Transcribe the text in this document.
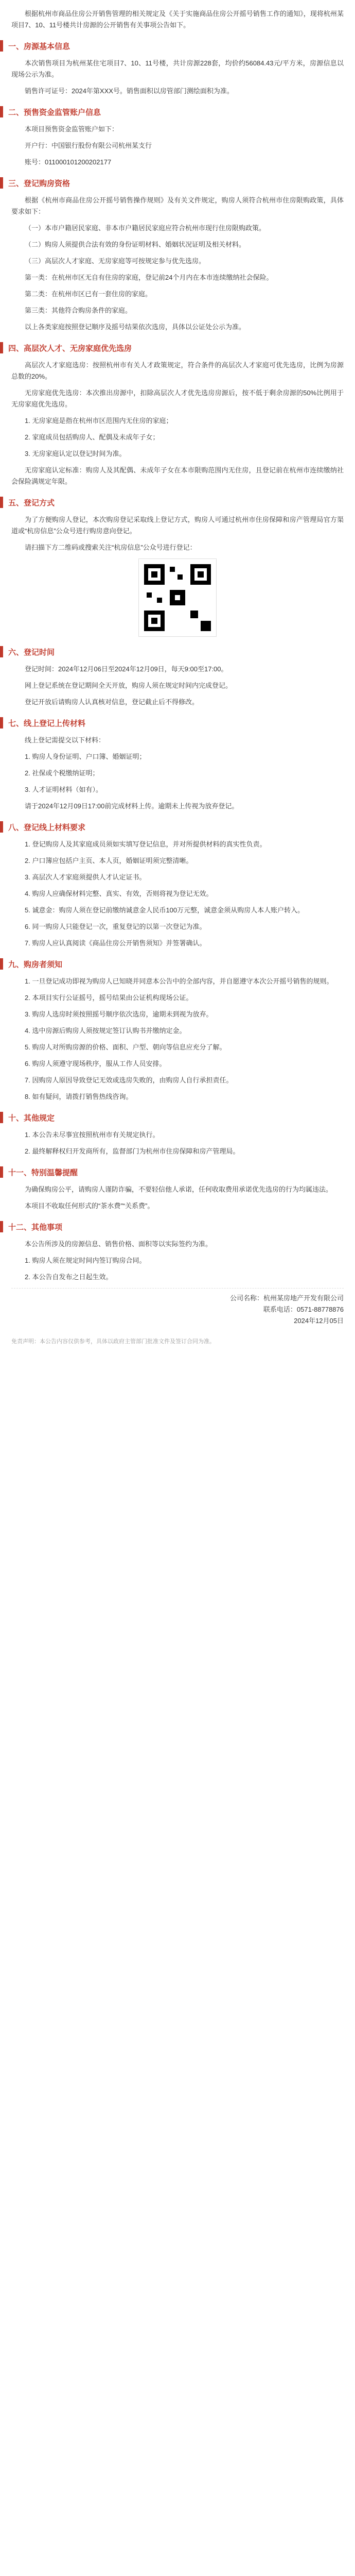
根据杭州市商品住房公开销售管理的相关规定及《关于实施商品住房公开摇号销售工作的通知》，现将杭州某项目7、10、11号楼共计房源的公开销售有关事项公告如下。

一、房源基本信息

本次销售项目为杭州某住宅项目7、10、11号楼，共计房源228套，均价约56084.43元/平方米，房源信息以现场公示为准。

销售许可证号：2024年第XXX号。销售面积以房管部门测绘面积为准。

二、预售资金监管账户信息

本项目预售资金监管账户如下：

开户行：中国银行股份有限公司杭州某支行

账号：011000101200202177

三、登记购房资格

根据《杭州市商品住房公开摇号销售操作规则》及有关文件规定，购房人须符合杭州市住房限购政策，具体要求如下：

（一）本市户籍居民家庭、非本市户籍居民家庭应符合杭州市现行住房限购政策。

（二）购房人须提供合法有效的身份证明材料、婚姻状况证明及相关材料。

（三）高层次人才家庭、无房家庭等可按规定参与优先选房。

第一类：在杭州市区无自有住房的家庭，登记前24个月内在本市连续缴纳社会保险。

第二类：在杭州市区已有一套住房的家庭。

第三类：其他符合购房条件的家庭。

以上各类家庭按照登记顺序及摇号结果依次选房，具体以公证处公示为准。

四、高层次人才、无房家庭优先选房

高层次人才家庭选房：按照杭州市有关人才政策规定，符合条件的高层次人才家庭可优先选房，比例为房源总数的20%。

无房家庭优先选房：本次推出房源中，扣除高层次人才优先选房房源后，按不低于剩余房源的50%比例用于无房家庭优先选房。

1. 无房家庭是指在杭州市区范围内无住房的家庭；

2. 家庭成员包括购房人、配偶及未成年子女；

3. 无房家庭认定以登记时间为准。

无房家庭认定标准：购房人及其配偶、未成年子女在本市限购范围内无住房，且登记前在杭州市连续缴纳社会保险满规定年限。

五、登记方式

为了方便购房人登记，本次购房登记采取线上登记方式，购房人可通过杭州市住房保障和房产管理局官方渠道或“杭房信息”公众号进行购房意向登记。

请扫描下方二维码或搜索关注“杭房信息”公众号进行登记：

六、登记时间

登记时间：2024年12月06日至2024年12月09日，每天9:00至17:00。

网上登记系统在登记期间全天开放，购房人须在规定时间内完成登记。

登记开放后请购房人认真核对信息，登记截止后不得修改。

七、线上登记上传材料

线上登记需提交以下材料：

1. 购房人身份证明、户口簿、婚姻证明；

2. 社保或个税缴纳证明；

3. 人才证明材料（如有）。

请于2024年12月09日17:00前完成材料上传。逾期未上传视为放弃登记。

八、登记线上材料要求

1. 登记购房人及其家庭成员须如实填写登记信息，并对所提供材料的真实性负责。

2. 户口簿应包括户主页、本人页，婚姻证明须完整清晰。

3. 高层次人才家庭须提供人才认定证书。

4. 购房人应确保材料完整、真实、有效，否则将视为登记无效。

5. 诚意金：购房人须在登记前缴纳诚意金人民币100万元整，诚意金须从购房人本人账户转入。

6. 同一购房人只能登记一次，重复登记的以第一次登记为准。

7. 购房人应认真阅读《商品住房公开销售须知》并签署确认。

九、购房者须知

1. 一旦登记成功即视为购房人已知晓并同意本公告中的全部内容，并自愿遵守本次公开摇号销售的规则。

2. 本项目实行公证摇号，摇号结果由公证机构现场公证。

3. 购房人选房时须按照摇号顺序依次选房，逾期未到视为放弃。

4. 选中房源后购房人须按规定签订认购书并缴纳定金。

5. 购房人对所购房源的价格、面积、户型、朝向等信息应充分了解。

6. 购房人须遵守现场秩序，服从工作人员安排。

7. 因购房人原因导致登记无效或选房失败的，由购房人自行承担责任。

8. 如有疑问，请拨打销售热线咨询。

十、其他规定

1. 本公告未尽事宜按照杭州市有关规定执行。

2. 最终解释权归开发商所有，监督部门为杭州市住房保障和房产管理局。

十一、特别温馨提醒

为确保购房公平，请购房人谨防诈骗，不要轻信他人承诺，任何收取费用承诺优先选房的行为均属违法。

本项目不收取任何形式的“茶水费”“关系费”。

十二、其他事项

本公告所涉及的房源信息、销售价格、面积等以实际签约为准。

1. 购房人须在规定时间内签订购房合同。

2. 本公告自发布之日起生效。

公司名称：杭州某房地产开发有限公司
联系电话：0571-88778876
2024年12月05日
免责声明：本公告内容仅供参考，具体以政府主管部门批准文件及签订合同为准。
